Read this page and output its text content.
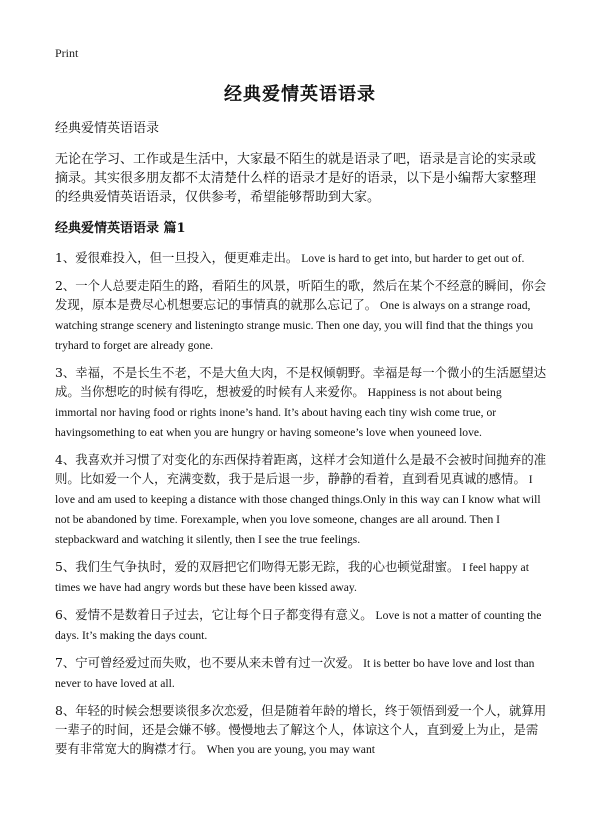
Print
经典爱情英语语录
经典爱情英语语录
无论在学习、工作或是生活中，大家最不陌生的就是语录了吧，语录是言论的实录或摘录。其实很多朋友都不太清楚什么样的语录才是好的语录，以下是小编帮大家整理的经典爱情英语语录，仅供参考，希望能够帮助到大家。
经典爱情英语语录 篇1

1、爱很难投入，但一旦投入，便更难走出。 Love is hard to get into, but harder to get out of.

2、一个人总要走陌生的路，看陌生的风景，听陌生的歌，然后在某个不经意的瞬间，你会发现，原本是费尽心机想要忘记的事情真的就那么忘记了。 One is always on a strange road, watching strange scenery and listeningto strange music. Then one day, you will find that the things you tryhard to forget are already gone.

3、幸福，不是长生不老，不是大鱼大肉，不是权倾朝野。幸福是每一个微小的生活愿望达成。当你想吃的时候有得吃，想被爱的时候有人来爱你。 Happiness is not about being immortal nor having food or rights inone’s hand. It’s about having each tiny wish come true, or havingsomething to eat when you are hungry or having someone’s love when youneed love.

4、我喜欢并习惯了对变化的东西保持着距离，这样才会知道什么是最不会被时间抛弃的准则。比如爱一个人，充满变数，我于是后退一步，静静的看着，直到看见真诚的感情。 I love and am used to keeping a distance with those changed things.Only in this way can I know what will not be abandoned by time. Forexample, when you love someone, changes are all around. Then I stepbackward and watching it silently, then I see the true feelings.

5、我们生气争执时，爱的双唇把它们吻得无影无踪，我的心也顿觉甜蜜。 I feel happy at times we have had angry words but these have been kissed away.

6、爱情不是数着日子过去，它让每个日子都变得有意义。 Love is not a matter of counting the days. It’s making the days count.

7、宁可曾经爱过而失败，也不要从来未曾有过一次爱。 It is better bo have love and lost than never to have loved at all.

8、年轻的时候会想要谈很多次恋爱，但是随着年龄的增长，终于领悟到爱一个人，就算用一辈子的时间，还是会嫌不够。慢慢地去了解这个人，体谅这个人，直到爱上为止，是需要有非常宽大的胸襟才行。 When you are young, you may want
